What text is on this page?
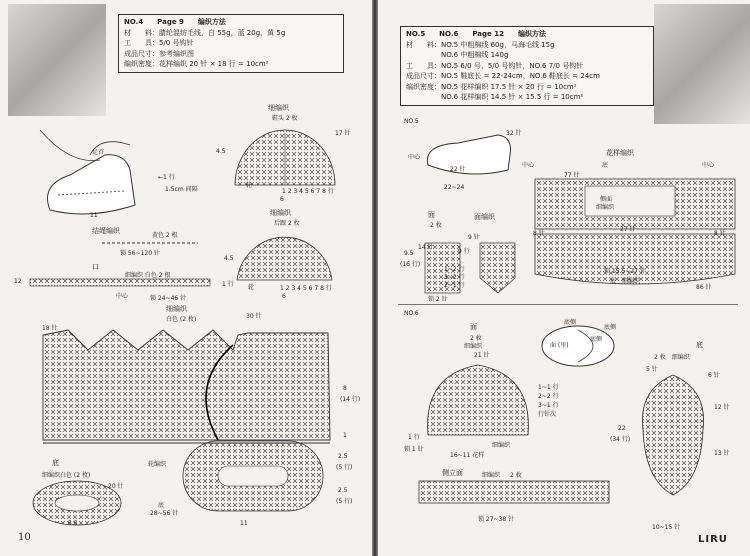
NO.4　　Page 9　　编织方法
材　　料：腈纶混纺毛线，白 55g，蓝 20g，黄 5g
工　　具：5/0 号钩针
成品尺寸：参考编织图
编织密度：花样编织 20 针 × 18 行 = 10cm²
细编织
鞋头 2 枚
17 针
4.5
轮
1 2 3 4 5 6 7 8 行
6
细编织
后跟 2 枚
4.5
轮	1 2 3 4 5 6 7 8 行
6
足首
←1 行
1.5cm 间隔
11
结绳编织
黄色 2 根
锁 56~120 针
口
细编织 白色 2 根
12	1 行
中心	锁 24~46 针
细编织
白色 (2 枚)
18 针
30 针
8
(14 行)
1
2.5
(5 行)
2.5
(5 行)
底
细编织白色 (2 枚)
20 针
5.5
轮编织
底
28~56 针
11
10
NO.5　　NO.6　　Page 12　　编织方法
材　　料：NO.5 中粗棉线 60g，马海毛线 15g
　　　　　NO.6 中粗棉线 140g
工　　具：NO.5 6/0 号、5/0 号钩针，NO.6 7/0 号钩针
成品尺寸：NO.5 鞋底长 = 22-24cm，NO.6 鞋底长 = 24cm
编织密度：NO.5 花样编织 17.5 针 × 20 行 = 10cm²
　　　　　NO.6 花样编织 14.5 针 × 15.5 行 = 10cm²
NO.5
中心
32 针
22 针
22~24
花样编织
中心	底	中心
77 针
侧面
细编织
27 针
8 针	8 针
锁 15.5~27 针
底　细编织
86 针
面
2 枚
面编织
9 针
9.5
(16 行)
14 针
9 行
1~2 行
3~2 行
2~1 行
锁 2 针
NO.6
底侧
底侧
面 (里)
底侧
面
2 枚
细编织
21 针
1~1 行
2~2 行
3~1 行
行针次
1 行
锁 1 针
16~11 花样
细编织
底
2 枚　细编织
5 针
6 针
22
(34 行)
12 针
13 针
侧立面	细编织 2 枚
锁 27~38 针
10~15 针
LIRU
